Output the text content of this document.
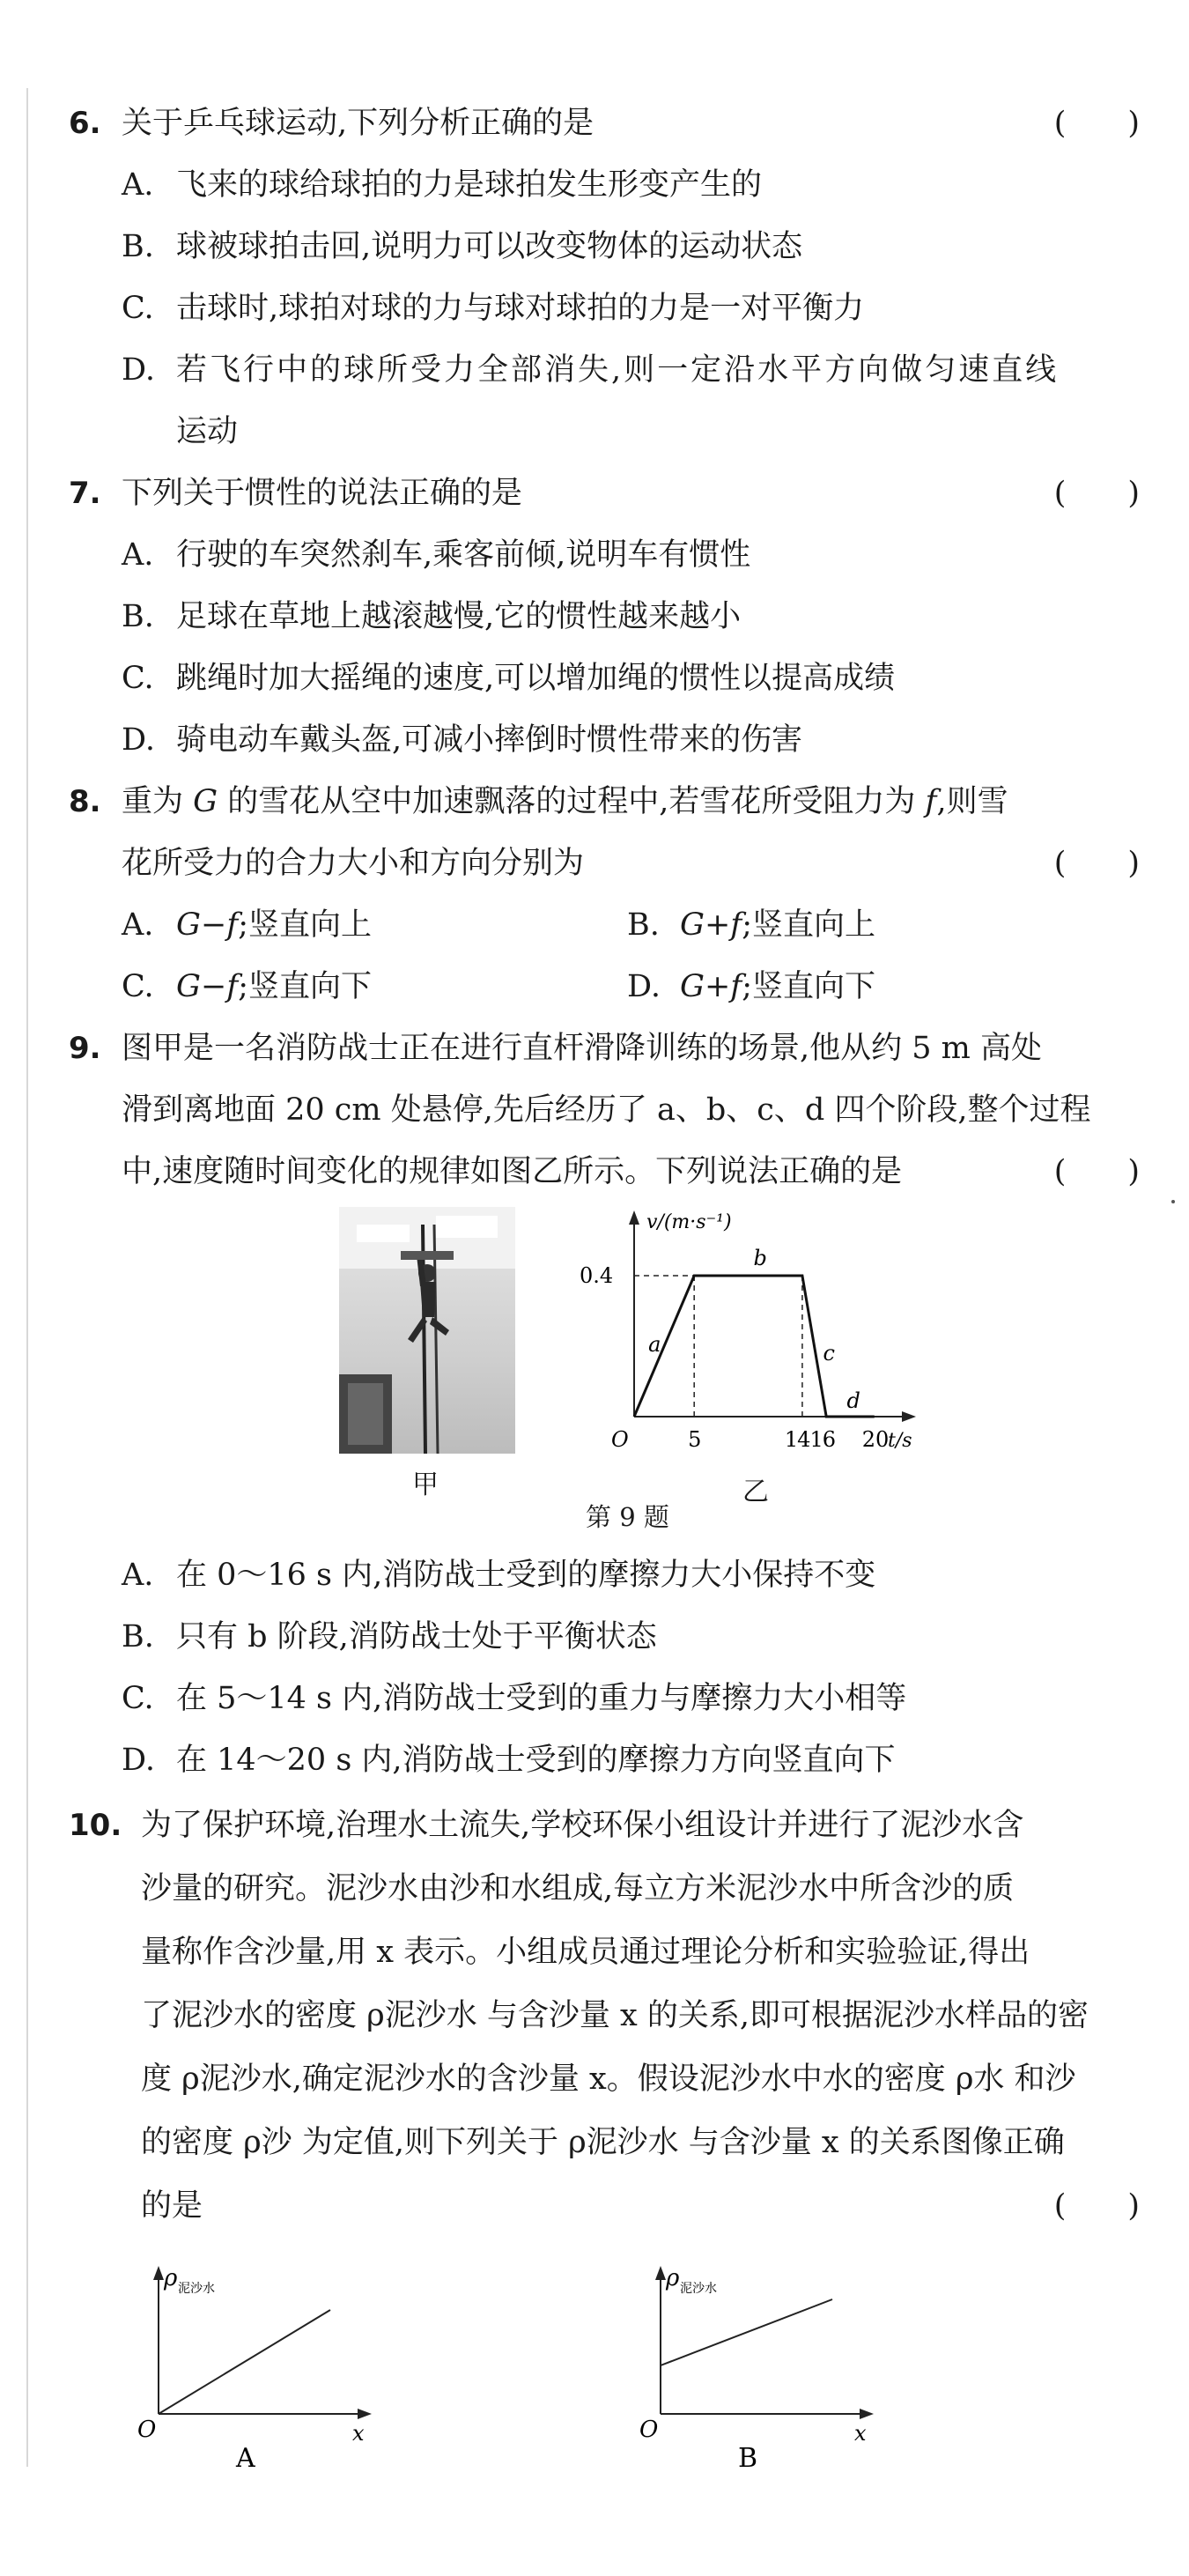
6. 关于乒乓球运动,下列分析正确的是	(　　)
A. 飞来的球给球拍的力是球拍发生形变产生的
B. 球被球拍击回,说明力可以改变物体的运动状态
C. 击球时,球拍对球的力与球对球拍的力是一对平衡力
D. 若飞行中的球所受力全部消失,则一定沿水平方向做匀速直线
运动
7. 下列关于惯性的说法正确的是	(　　)
A. 行驶的车突然刹车,乘客前倾,说明车有惯性
B. 足球在草地上越滚越慢,它的惯性越来越小
C. 跳绳时加大摇绳的速度,可以增加绳的惯性以提高成绩
D. 骑电动车戴头盔,可减小摔倒时惯性带来的伤害
8. 重为 G 的雪花从空中加速飘落的过程中,若雪花所受阻力为 f,则雪
花所受力的合力大小和方向分别为	(　　)
A. G−f;竖直向上	B. G+f;竖直向上
C. G−f;竖直向下	D. G+f;竖直向下
9. 图甲是一名消防战士正在进行直杆滑降训练的场景,他从约 5 m 高处
滑到离地面 20 cm 处悬停,先后经历了 a、b、c、d 四个阶段,整个过程
中,速度随时间变化的规律如图乙所示。下列说法正确的是	(　　)
甲
v/(m·s⁻¹)
t/s
O
0.4
5	1416 20
a
b
c
d
乙
第 9 题
A. 在 0～16 s 内,消防战士受到的摩擦力大小保持不变
B. 只有 b 阶段,消防战士处于平衡状态
C. 在 5～14 s 内,消防战士受到的重力与摩擦力大小相等
D. 在 14～20 s 内,消防战士受到的摩擦力方向竖直向下
10. 为了保护环境,治理水土流失,学校环保小组设计并进行了泥沙水含
沙量的研究。泥沙水由沙和水组成,每立方米泥沙水中所含沙的质
量称作含沙量,用 x 表示。小组成员通过理论分析和实验验证,得出
了泥沙水的密度 ρ泥沙水 与含沙量 x 的关系,即可根据泥沙水样品的密
度 ρ泥沙水,确定泥沙水的含沙量 x。假设泥沙水中水的密度 ρ水 和沙
的密度 ρ沙 为定值,则下列关于 ρ泥沙水 与含沙量 x 的关系图像正确
的是	(　　)
ρ 泥沙水
O	x
A
ρ 泥沙水
O	x
B
